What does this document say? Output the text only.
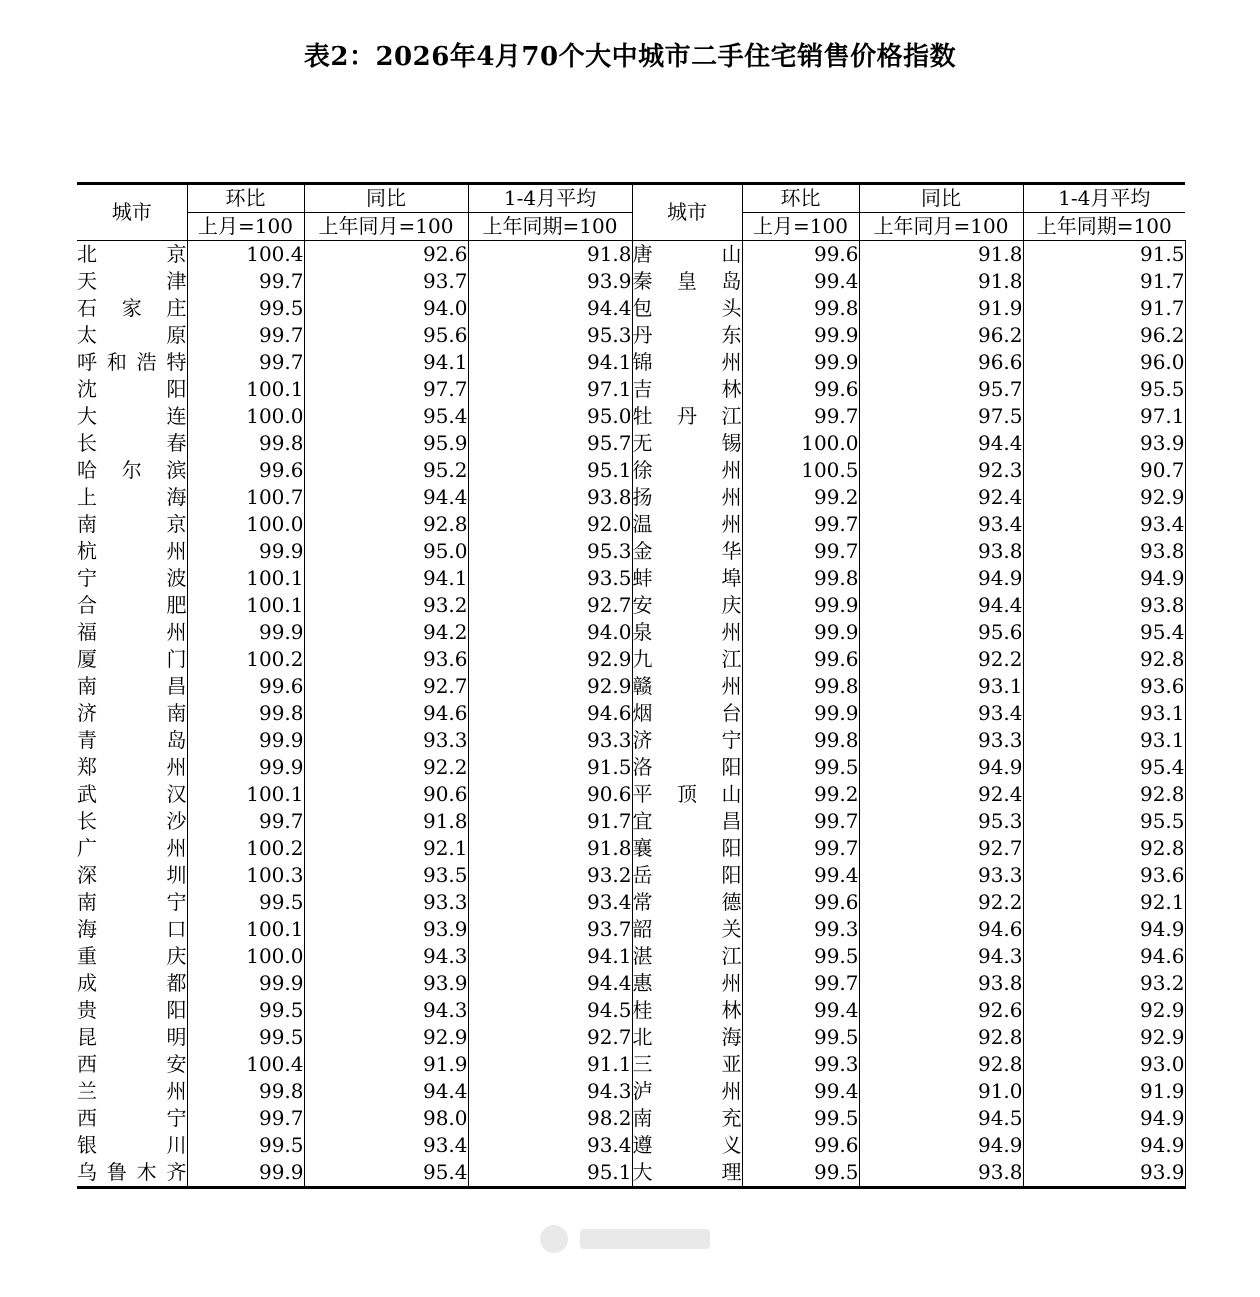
表2：2026年4月70个大中城市二手住宅销售价格指数
城市	环比	同比	1-4月平均	城市	环比	同比	1-4月平均
	上月=100	上年同月=100	上年同期=100		上月=100	上年同月=100	上年同期=100
北京	100.4	92.6	91.8	唐山	99.6	91.8	91.5
天津	99.7	93.7	93.9	秦皇岛	99.4	91.8	91.7
石家庄	99.5	94.0	94.4	包头	99.8	91.9	91.7
太原	99.7	95.6	95.3	丹东	99.9	96.2	96.2
呼和浩特	99.7	94.1	94.1	锦州	99.9	96.6	96.0
沈阳	100.1	97.7	97.1	吉林	99.6	95.7	95.5
大连	100.0	95.4	95.0	牡丹江	99.7	97.5	97.1
长春	99.8	95.9	95.7	无锡	100.0	94.4	93.9
哈尔滨	99.6	95.2	95.1	徐州	100.5	92.3	90.7
上海	100.7	94.4	93.8	扬州	99.2	92.4	92.9
南京	100.0	92.8	92.0	温州	99.7	93.4	93.4
杭州	99.9	95.0	95.3	金华	99.7	93.8	93.8
宁波	100.1	94.1	93.5	蚌埠	99.8	94.9	94.9
合肥	100.1	93.2	92.7	安庆	99.9	94.4	93.8
福州	99.9	94.2	94.0	泉州	99.9	95.6	95.4
厦门	100.2	93.6	92.9	九江	99.6	92.2	92.8
南昌	99.6	92.7	92.9	赣州	99.8	93.1	93.6
济南	99.8	94.6	94.6	烟台	99.9	93.4	93.1
青岛	99.9	93.3	93.3	济宁	99.8	93.3	93.1
郑州	99.9	92.2	91.5	洛阳	99.5	94.9	95.4
武汉	100.1	90.6	90.6	平顶山	99.2	92.4	92.8
长沙	99.7	91.8	91.7	宜昌	99.7	95.3	95.5
广州	100.2	92.1	91.8	襄阳	99.7	92.7	92.8
深圳	100.3	93.5	93.2	岳阳	99.4	93.3	93.6
南宁	99.5	93.3	93.4	常德	99.6	92.2	92.1
海口	100.1	93.9	93.7	韶关	99.3	94.6	94.9
重庆	100.0	94.3	94.1	湛江	99.5	94.3	94.6
成都	99.9	93.9	94.4	惠州	99.7	93.8	93.2
贵阳	99.5	94.3	94.5	桂林	99.4	92.6	92.9
昆明	99.5	92.9	92.7	北海	99.5	92.8	92.9
西安	100.4	91.9	91.1	三亚	99.3	92.8	93.0
兰州	99.8	94.4	94.3	泸州	99.4	91.0	91.9
西宁	99.7	98.0	98.2	南充	99.5	94.5	94.9
银川	99.5	93.4	93.4	遵义	99.6	94.9	94.9
乌鲁木齐	99.9	95.4	95.1	大理	99.5	93.8	93.9
